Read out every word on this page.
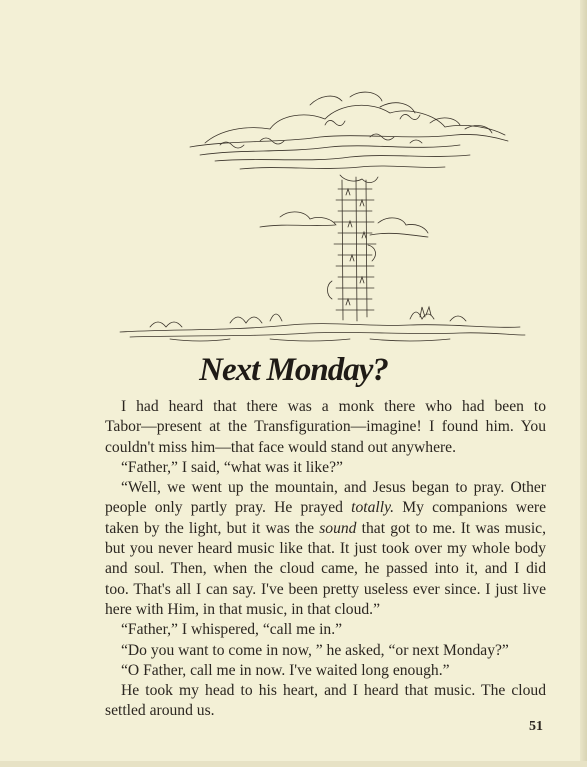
Next Monday?
I had heard that there was a monk there who had been to
Tabor—present at the Transfiguration—imagine! I found him. You
couldn't miss him—that face would stand out anywhere.
“Father,” I said, “what was it like?”
“Well, we went up the mountain, and Jesus began to pray. Other
people only partly pray. He prayed totally. My companions were
taken by the light, but it was the sound that got to me. It was music,
but you never heard music like that. It just took over my whole body
and soul. Then, when the cloud came, he passed into it, and I did
too. That's all I can say. I've been pretty useless ever since. I just live
here with Him, in that music, in that cloud.”
“Father,” I whispered, “call me in.”
“Do you want to come in now, ” he asked, “or next Monday?”
“O Father, call me in now. I've waited long enough.”
He took my head to his heart, and I heard that music. The cloud
settled around us.
51
